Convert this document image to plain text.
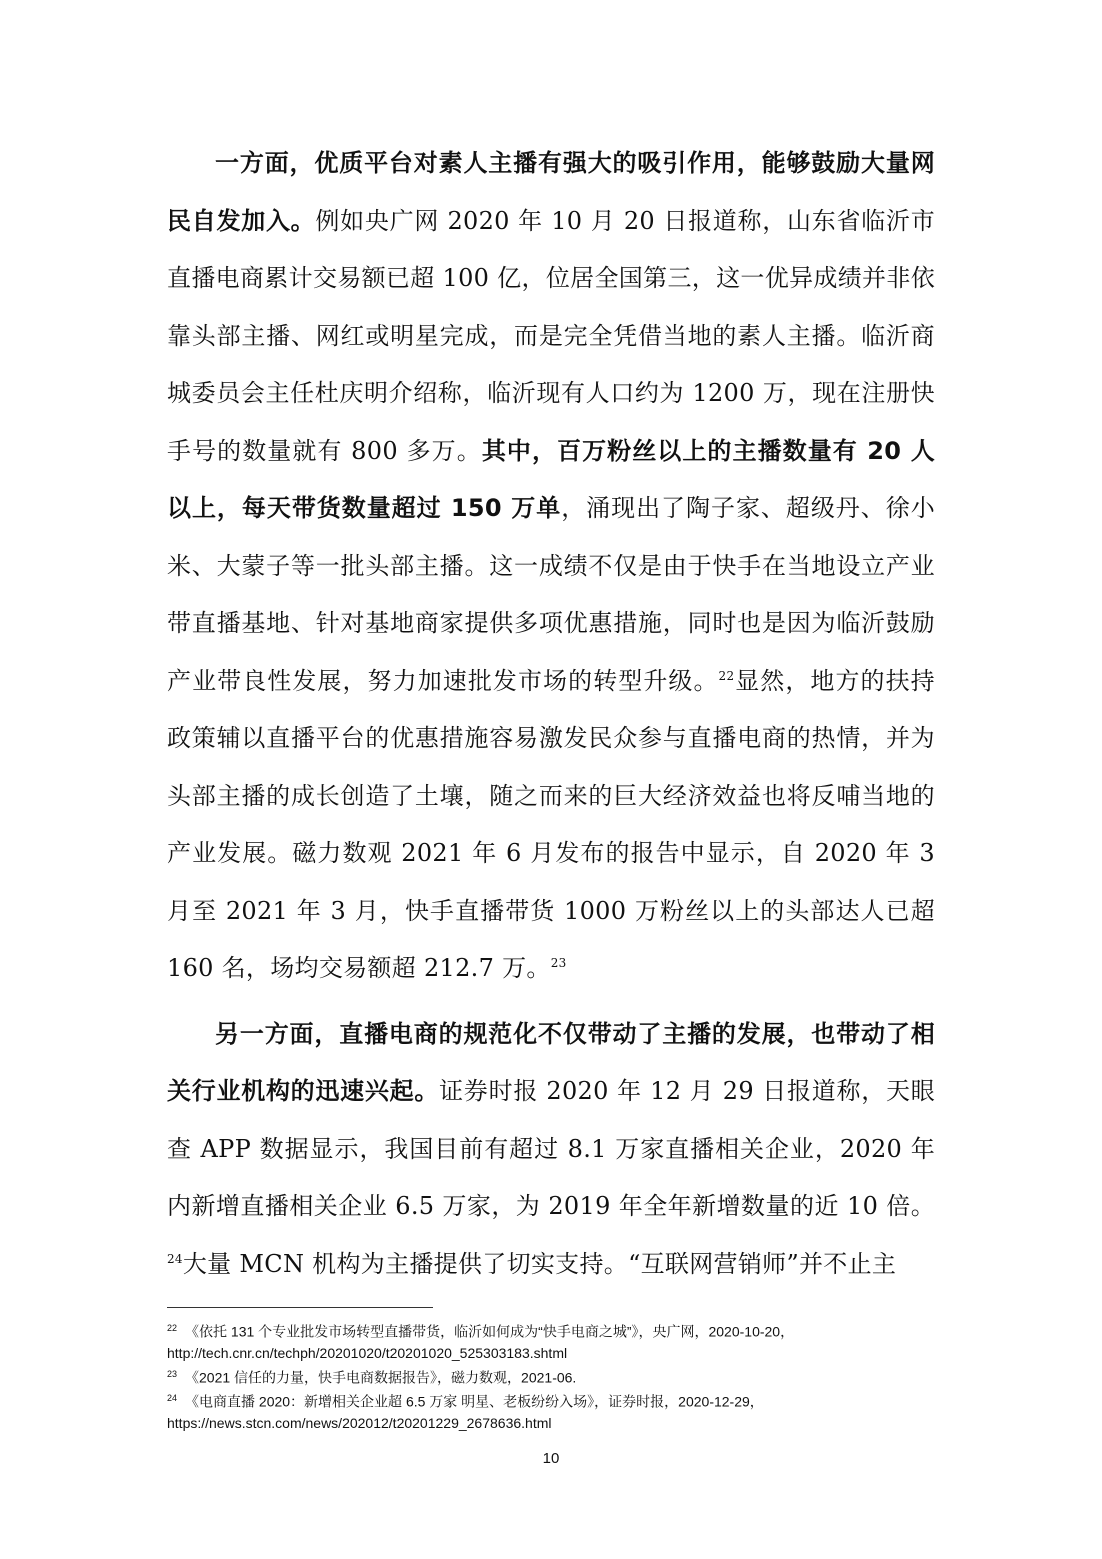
一方面，优质平台对素人主播有强大的吸引作用，能够鼓励大量网民自发加入。例如央广网 2020 年 10 月 20 日报道称，山东省临沂市直播电商累计交易额已超 100 亿，位居全国第三，这一优异成绩并非依靠头部主播、网红或明星完成，而是完全凭借当地的素人主播。临沂商城委员会主任杜庆明介绍称，临沂现有人口约为 1200 万，现在注册快手号的数量就有 800 多万。其中，百万粉丝以上的主播数量有 20 人以上，每天带货数量超过 150 万单，涌现出了陶子家、超级丹、徐小米、大蒙子等一批头部主播。这一成绩不仅是由于快手在当地设立产业带直播基地、针对基地商家提供多项优惠措施，同时也是因为临沂鼓励产业带良性发展，努力加速批发市场的转型升级。$^{22}$显然，地方的扶持政策辅以直播平台的优惠措施容易激发民众参与直播电商的热情，并为头部主播的成长创造了土壤，随之而来的巨大经济效益也将反哺当地的产业发展。磁力数观 2021 年 6 月发布的报告中显示，自 2020 年 3 月至 2021 年 3 月，快手直播带货 1000 万粉丝以上的头部达人已超 160 名，场均交易额超 212.7 万。$^{23}$

另一方面，直播电商的规范化不仅带动了主播的发展，也带动了相关行业机构的迅速兴起。证券时报 2020 年 12 月 29 日报道称，天眼查 APP 数据显示，我国目前有超过 8.1 万家直播相关企业，2020 年内新增直播相关企业 6.5 万家，为 2019 年全年新增数量的近 10 倍。$^{24}$大量 MCN 机构为主播提供了切实支持。“互联网营销师”并不止主

$^{22}$ 《依托 131 个专业批发市场转型直播带货，临沂如何成为“快手电商之城”》，央广网，2020-10-20，

http://tech.cnr.cn/techph/20201020/t20201020_525303183.shtml

$^{23}$ 《2021 信任的力量，快手电商数据报告》，磁力数观，2021-06.

$^{24}$ 《电商直播 2020：新增相关企业超 6.5 万家 明星、老板纷纷入场》，证券时报，2020-12-29，

https://news.stcn.com/news/202012/t20201229_2678636.html

10
